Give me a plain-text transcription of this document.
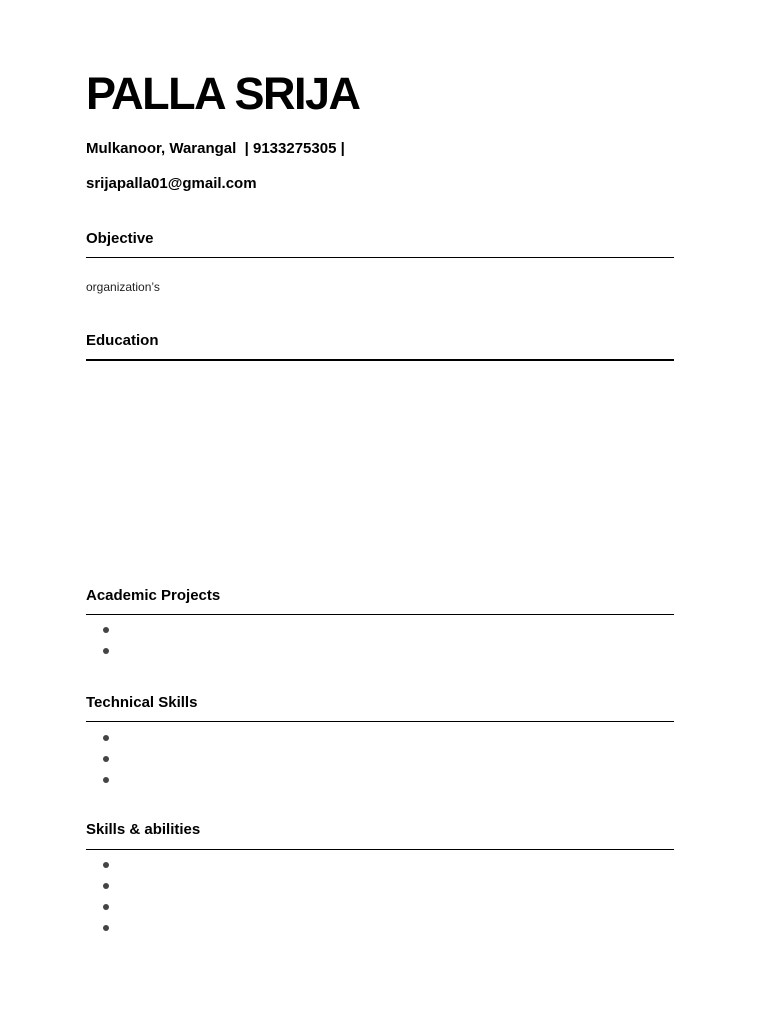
PALLA SRIJA

Mulkanoor, Warangal  | 9133275305 |

srijapalla01@gmail.com

Objective

organization’s

Education
Academic Projects
Technical Skills
Skills & abilities
